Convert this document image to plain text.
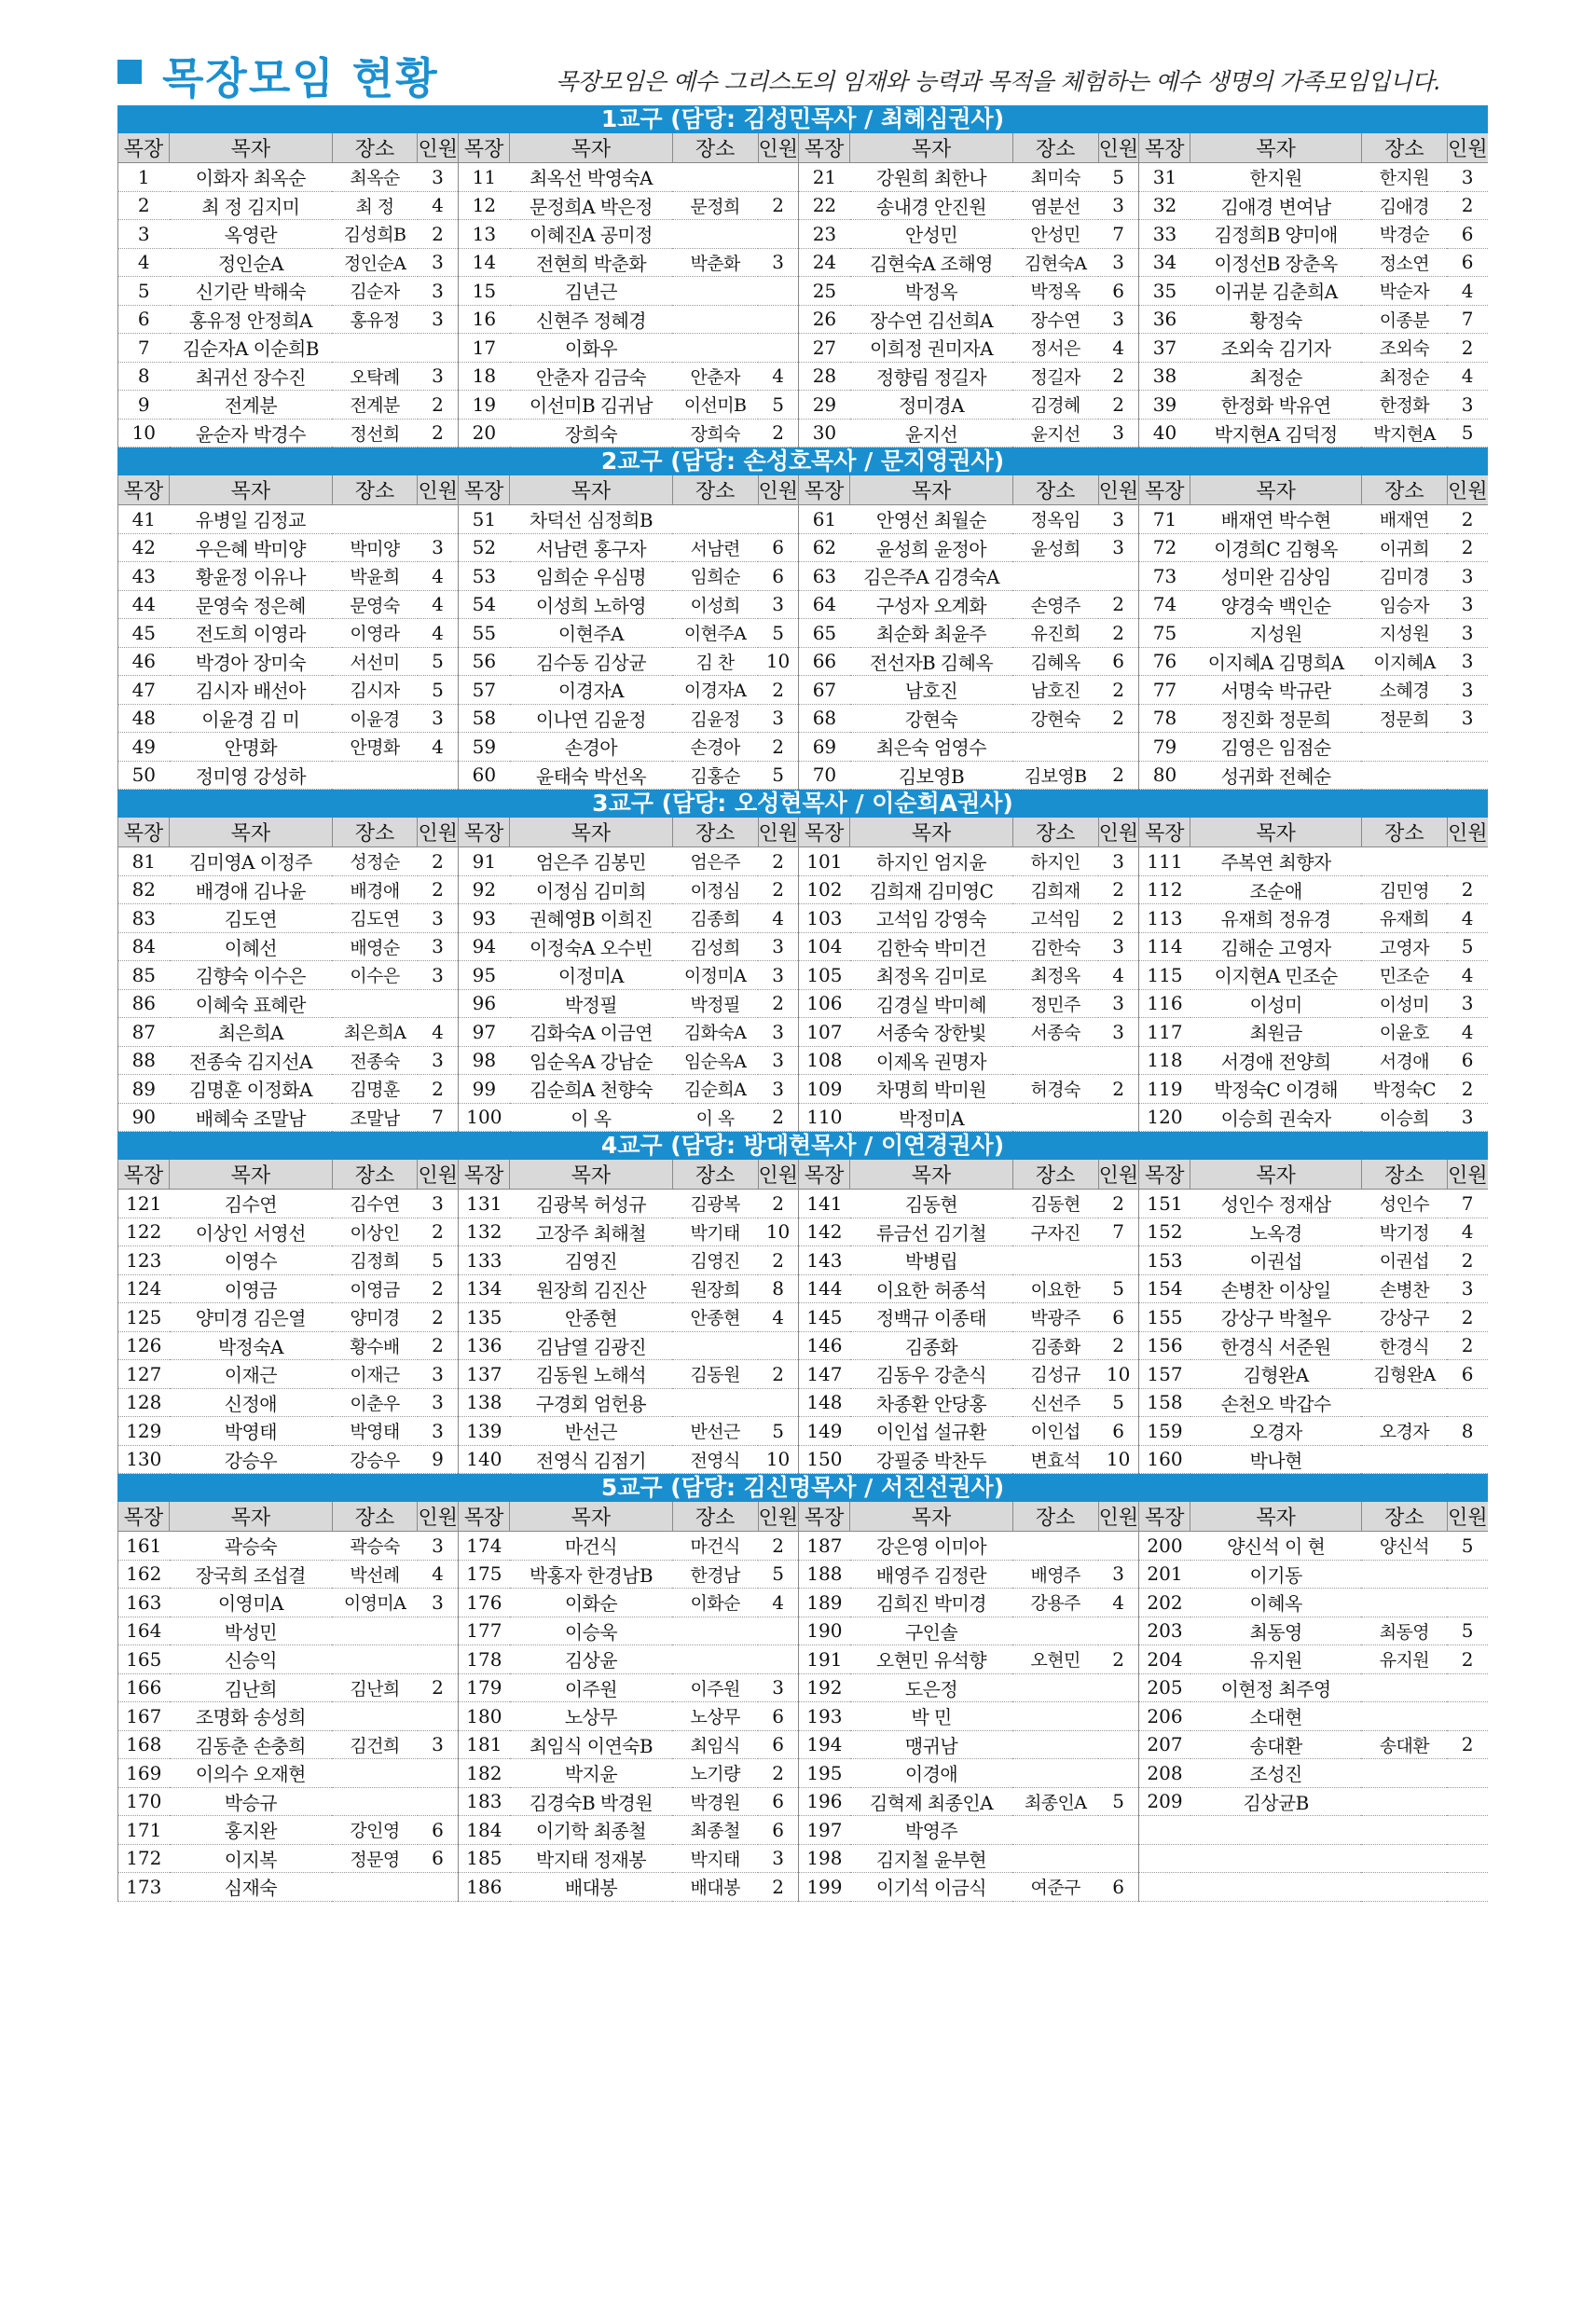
목장모임 현황	목장모임은 예수 그리스도의 임재와 능력과 목적을 체험하는 예수 생명의 가족모임입니다.
1교구 (담당: 김성민목사 / 최혜심권사)
목장	목자	장소	인원	목장	목자	장소	인원	목장	목자	장소	인원	목장	목자	장소	인원
1	이화자 최옥순	최옥순	3	11	최옥선 박영숙A			21	강원희 최한나	최미숙	5	31	한지원	한지원	3
2	최 정 김지미	최 정	4	12	문정희A 박은정	문정희	2	22	송내경 안진원	염분선	3	32	김애경 변여남	김애경	2
3	옥영란	김성희B	2	13	이혜진A 공미정			23	안성민	안성민	7	33	김정희B 양미애	박경순	6
4	정인순A	정인순A	3	14	전현희 박춘화	박춘화	3	24	김현숙A 조해영	김현숙A	3	34	이정선B 장춘옥	정소연	6
5	신기란 박해숙	김순자	3	15	김년근			25	박정옥	박정옥	6	35	이귀분 김춘희A	박순자	4
6	홍유정 안정희A	홍유정	3	16	신현주 정혜경			26	장수연 김선희A	장수연	3	36	황정숙	이종분	7
7	김순자A 이순희B			17	이화우			27	이희정 권미자A	정서은	4	37	조외숙 김기자	조외숙	2
8	최귀선 장수진	오탁례	3	18	안춘자 김금숙	안춘자	4	28	정향림 정길자	정길자	2	38	최정순	최정순	4
9	전계분	전계분	2	19	이선미B 김귀남	이선미B	5	29	정미경A	김경혜	2	39	한정화 박유연	한정화	3
10	윤순자 박경수	정선희	2	20	장희숙	장희숙	2	30	윤지선	윤지선	3	40	박지현A 김덕정	박지현A	5
2교구 (담당: 손성호목사 / 문지영권사)
목장	목자	장소	인원	목장	목자	장소	인원	목장	목자	장소	인원	목장	목자	장소	인원
41	유병일 김정교			51	차덕선 심정희B			61	안영선 최월순	정옥임	3	71	배재연 박수현	배재연	2
42	우은혜 박미양	박미양	3	52	서남련 홍구자	서남련	6	62	윤성희 윤정아	윤성희	3	72	이경희C 김형옥	이귀희	2
43	황윤정 이유나	박윤희	4	53	임희순 우심명	임희순	6	63	김은주A 김경숙A			73	성미완 김상임	김미경	3
44	문영숙 정은혜	문영숙	4	54	이성희 노하영	이성희	3	64	구성자 오계화	손영주	2	74	양경숙 백인순	임승자	3
45	전도희 이영라	이영라	4	55	이현주A	이현주A	5	65	최순화 최윤주	유진희	2	75	지성원	지성원	3
46	박경아 장미숙	서선미	5	56	김수동 김상균	김 찬	10	66	전선자B 김혜옥	김혜옥	6	76	이지혜A 김명희A	이지혜A	3
47	김시자 배선아	김시자	5	57	이경자A	이경자A	2	67	남호진	남호진	2	77	서명숙 박규란	소혜경	3
48	이윤경 김 미	이윤경	3	58	이나연 김윤정	김윤정	3	68	강현숙	강현숙	2	78	정진화 정문희	정문희	3
49	안명화	안명화	4	59	손경아	손경아	2	69	최은숙 엄영수			79	김영은 임점순		
50	정미영 강성하			60	윤태숙 박선옥	김홍순	5	70	김보영B	김보영B	2	80	성귀화 전혜순		
3교구 (담당: 오성현목사 / 이순희A권사)
목장	목자	장소	인원	목장	목자	장소	인원	목장	목자	장소	인원	목장	목자	장소	인원
81	김미영A 이정주	성정순	2	91	엄은주 김봉민	엄은주	2	101	하지인 엄지윤	하지인	3	111	주복연 최향자		
82	배경애 김나윤	배경애	2	92	이정심 김미희	이정심	2	102	김희재 김미영C	김희재	2	112	조순애	김민영	2
83	김도연	김도연	3	93	권혜영B 이희진	김종희	4	103	고석임 강영숙	고석임	2	113	유재희 정유경	유재희	4
84	이혜선	배영순	3	94	이정숙A 오수빈	김성희	3	104	김한숙 박미건	김한숙	3	114	김해순 고영자	고영자	5
85	김향숙 이수은	이수은	3	95	이정미A	이정미A	3	105	최정옥 김미로	최정옥	4	115	이지현A 민조순	민조순	4
86	이혜숙 표혜란			96	박정필	박정필	2	106	김경실 박미혜	정민주	3	116	이성미	이성미	3
87	최은희A	최은희A	4	97	김화숙A 이금연	김화숙A	3	107	서종숙 장한빛	서종숙	3	117	최원금	이윤호	4
88	전종숙 김지선A	전종숙	3	98	임순옥A 강남순	임순옥A	3	108	이제옥 권명자			118	서경애 전양희	서경애	6
89	김명훈 이정화A	김명훈	2	99	김순희A 천향숙	김순희A	3	109	차명희 박미원	허경숙	2	119	박정숙C 이경해	박정숙C	2
90	배혜숙 조말남	조말남	7	100	이 옥	이 옥	2	110	박정미A			120	이승희 권숙자	이승희	3
4교구 (담당: 방대현목사 / 이연경권사)
목장	목자	장소	인원	목장	목자	장소	인원	목장	목자	장소	인원	목장	목자	장소	인원
121	김수연	김수연	3	131	김광복 허성규	김광복	2	141	김동현	김동현	2	151	성인수 정재삼	성인수	7
122	이상인 서영선	이상인	2	132	고장주 최해철	박기태	10	142	류금선 김기철	구자진	7	152	노옥경	박기정	4
123	이영수	김정희	5	133	김영진	김영진	2	143	박병립			153	이권섭	이권섭	2
124	이영금	이영금	2	134	원장희 김진산	원장희	8	144	이요한 허종석	이요한	5	154	손병찬 이상일	손병찬	3
125	양미경 김은열	양미경	2	135	안종현	안종현	4	145	정백규 이종태	박광주	6	155	강상구 박철우	강상구	2
126	박정숙A	황수배	2	136	김남열 김광진			146	김종화	김종화	2	156	한경식 서준원	한경식	2
127	이재근	이재근	3	137	김동원 노해석	김동원	2	147	김동우 강춘식	김성규	10	157	김형완A	김형완A	6
128	신정애	이춘우	3	138	구경회 엄헌용			148	차종환 안당홍	신선주	5	158	손천오 박갑수		
129	박영태	박영태	3	139	반선근	반선근	5	149	이인섭 설규환	이인섭	6	159	오경자	오경자	8
130	강승우	강승우	9	140	전영식 김점기	전영식	10	150	강필중 박찬두	변효석	10	160	박나현		
5교구 (담당: 김신명목사 / 서진선권사)
목장	목자	장소	인원	목장	목자	장소	인원	목장	목자	장소	인원	목장	목자	장소	인원
161	곽승숙	곽승숙	3	174	마건식	마건식	2	187	강은영 이미아			200	양신석 이 현	양신석	5
162	장국희 조섭결	박선례	4	175	박홍자 한경남B	한경남	5	188	배영주 김정란	배영주	3	201	이기동		
163	이영미A	이영미A	3	176	이화순	이화순	4	189	김희진 박미경	강용주	4	202	이혜옥		
164	박성민			177	이승욱			190	구인솔			203	최동영	최동영	5
165	신승익			178	김상윤			191	오현민 유석향	오현민	2	204	유지원	유지원	2
166	김난희	김난희	2	179	이주원	이주원	3	192	도은정			205	이현정 최주영		
167	조명화 송성희			180	노상무	노상무	6	193	박 민			206	소대현		
168	김동춘 손충희	김건희	3	181	최임식 이연숙B	최임식	6	194	맹귀남			207	송대환	송대환	2
169	이의수 오재현			182	박지윤	노기량	2	195	이경애			208	조성진		
170	박승규			183	김경숙B 박경원	박경원	6	196	김혁제 최종인A	최종인A	5	209	김상균B		
171	홍지완	강인영	6	184	이기학 최종철	최종철	6	197	박영주						
172	이지복	정문영	6	185	박지태 정재봉	박지태	3	198	김지철 윤부현						
173	심재숙			186	배대봉	배대봉	2	199	이기석 이금식	여준구	6				
